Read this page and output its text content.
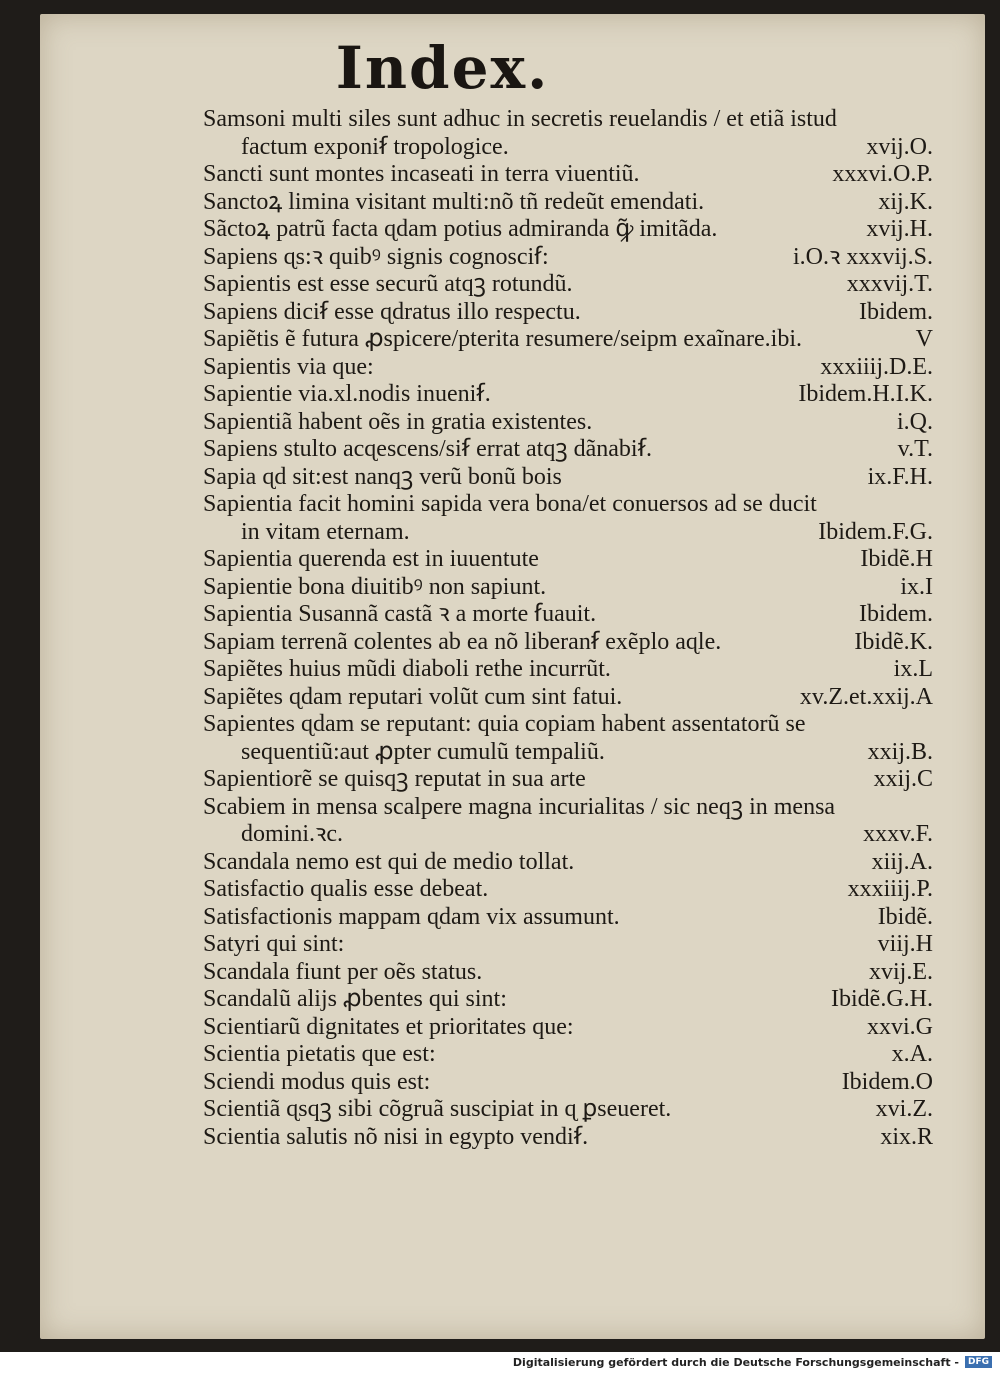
Index.
Samsoni multi siles sunt adhuc in secretis reuelandis / et etiã istud
factum exponiẜ tropologice.	xvij.O.
Sancti sunt montes incaseati in terra viuentiũ.	xxxvi.O.P.
Sanctoꝝ limina visitant multi:nõ tñ redeũt emendati.	xij.K.
Sãctoꝝ patrũ facta ɋdam potius admiranda ꝙ̃ imitãda.	xvij.H.
Sapiens ɋs:ꝛ quibꝰ signis cognosciẜ:	i.O.ꝛ xxxvij.S.
Sapientis est esse securũ atqꝫ rotundũ.	xxxvij.T.
Sapiens diciẜ esse ɋdratus illo respectu.	Ibidem.
Sapiẽtis ẽ futura ꝓspicere/pterita resumere/seipm exaĩnare.ibi.	V
Sapientis via que:	xxxiiij.D.E.
Sapientie via.xl.nodis inueniẜ.	Ibidem.H.I.K.
Sapientiã habent oẽs in gratia existentes.	i.Q.
Sapiens stulto acɋescens/siẜ errat atqꝫ dãnabiẜ.	v.T.
Sapia ɋd sit:est nanqꝫ verũ bonũ bois	ix.F.H.
Sapientia facit homini sapida vera bona/et conuersos ad se ducit
in vitam eternam.	Ibidem.F.G.
Sapientia querenda est in iuuentute	Ibidẽ.H
Sapientie bona diuitibꝰ non sapiunt.	ix.I
Sapientia Susannã castã ꝛ a morte ẜuauit.	Ibidem.
Sapiam terrenã colentes ab ea nõ liberanẜ exẽplo aɋle.	Ibidẽ.K.
Sapiẽtes huius mũdi diaboli rethe incurrũt.	ix.L
Sapiẽtes ɋdam reputari volũt cum sint fatui.	xv.Z.et.xxij.A
Sapientes ɋdam se reputant: quia copiam habent assentatorũ se
sequentiũ:aut ꝓpter cumulũ tempaliũ.	xxij.B.
Sapientiorẽ se quisqꝫ reputat in sua arte	xxij.C
Scabiem in mensa scalpere magna incurialitas / sic neqꝫ in mensa
domini.ꝛc.	xxxv.F.
Scandala nemo est qui de medio tollat.	xiij.A.
Satisfactio qualis esse debeat.	xxxiiij.P.
Satisfactionis mappam ɋdam vix assumunt.	Ibidẽ.
Satyri qui sint:	viij.H
Scandala fiunt per oẽs status.	xvij.E.
Scandalũ alijs ꝓbentes qui sint:	Ibidẽ.G.H.
Scientiarũ dignitates et prioritates que:	xxvi.G
Scientia pietatis que est:	x.A.
Sciendi modus quis est:	Ibidem.O
Scientiã ɋsqꝫ sibi cõgruã suscipiat in ɋ ꝑseueret.	xvi.Z.
Scientia salutis nõ nisi in egypto vendiẜ.	xix.R
Digitalisierung gefördert durch die Deutsche Forschungsgemeinschaft - DFG
